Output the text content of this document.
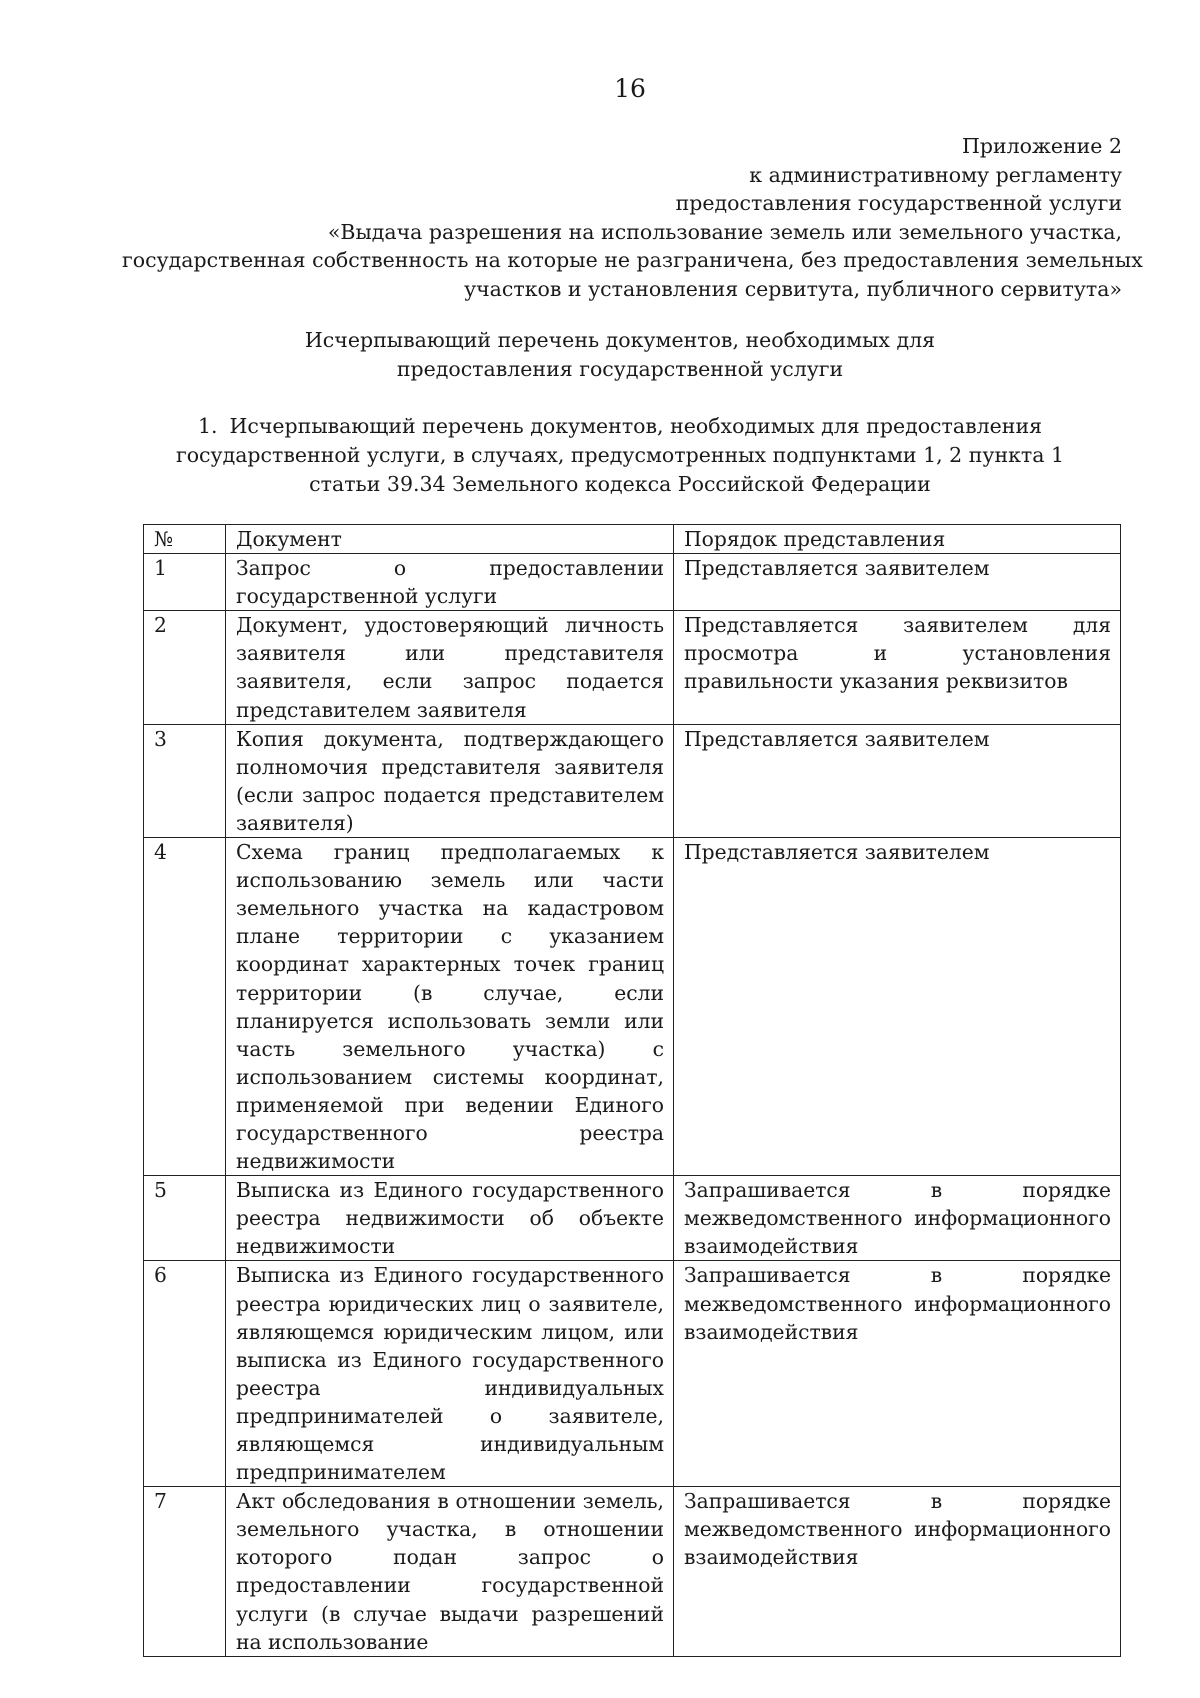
16
Приложение 2
к административному регламенту
предоставления государственной услуги
«Выдача разрешения на использование земель или земельного участка,
государственная собственность на которые не разграничена, без предоставления земельных
участков и установления сервитута, публичного сервитута»
Исчерпывающий перечень документов, необходимых для
предоставления государственной услуги
1. Исчерпывающий перечень документов, необходимых для предоставления
государственной услуги, в случаях, предусмотренных подпунктами 1, 2 пункта 1
статьи 39.34 Земельного кодекса Российской Федерации
№	Документ	Порядок представления
1	Запрос о предоставлении государственной услуги	Представляется заявителем
2	Документ, удостоверяющий личность заявителя или представителя заявителя, если запрос подается представителем заявителя	Представляется заявителем для просмотра и установления правильности указания реквизитов
3	Копия документа, подтверждающего полномочия представителя заявителя (если запрос подается представителем заявителя)	Представляется заявителем
4	Схема границ предполагаемых к использованию земель или части земельного участка на кадастровом плане территории с указанием координат характерных точек границ территории (в случае, если планируется использовать земли или часть земельного участка) с использованием системы координат, применяемой при ведении Единого государственного реестра недвижимости	Представляется заявителем
5	Выписка из Единого государственного реестра недвижимости об объекте недвижимости	Запрашивается в порядке межведомственного информационного взаимодействия
6	Выписка из Единого государственного реестра юридических лиц о заявителе, являющемся юридическим лицом, или выписка из Единого государственного реестра индивидуальных предпринимателей о заявителе, являющемся индивидуальным предпринимателем	Запрашивается в порядке межведомственного информационного взаимодействия
7	Акт обследования в отношении земель, земельного участка, в отношении которого подан запрос о предоставлении государственной услуги (в случае выдачи разрешений на использование	Запрашивается в порядке межведомственного информационного взаимодействия
